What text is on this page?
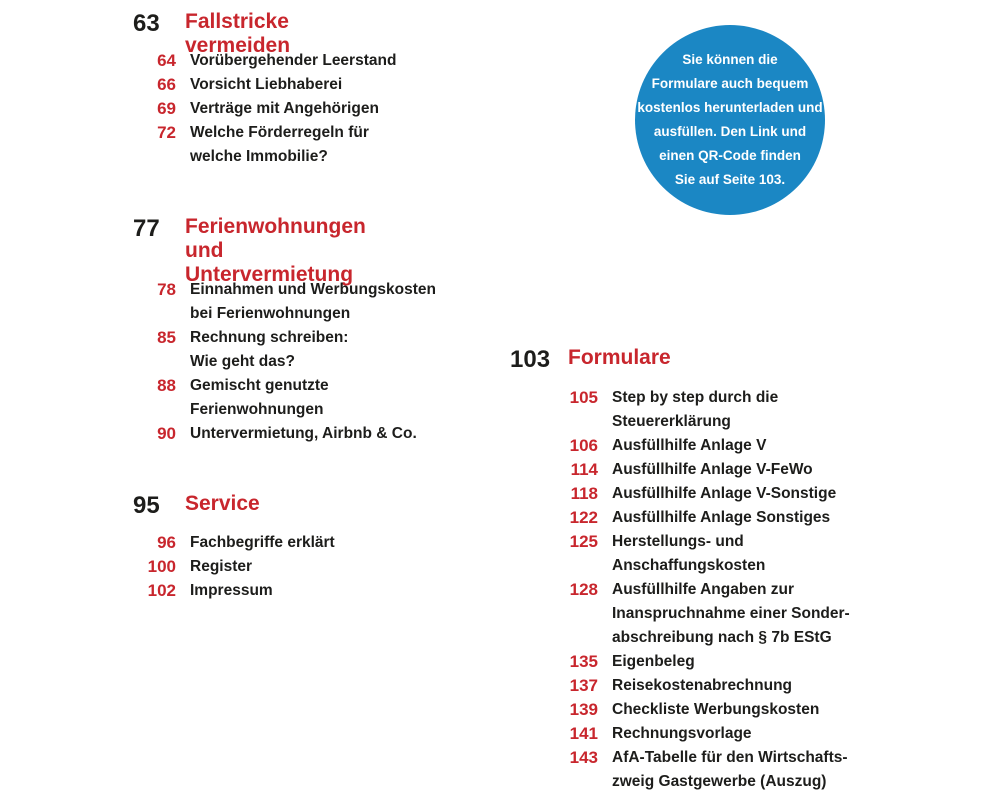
63 Fallstricke vermeiden
64 Vorübergehender Leerstand
66 Vorsicht Liebhaberei
69 Verträge mit Angehörigen
72 Welche Förderregeln für
welche Immobilie?
77 Ferienwohnungen
und Untervermietung
78 Einnahmen und Werbungskosten
bei Ferienwohnungen
85 Rechnung schreiben:
Wie geht das?
88 Gemischt genutzte
Ferienwohnungen
90 Untervermietung, Airbnb & Co.
95 Service
96 Fachbegriffe erklärt
100 Register
102 Impressum
103 Formulare
105 Step by step durch die
Steuererklärung
106 Ausfüllhilfe Anlage V
114 Ausfüllhilfe Anlage V-FeWo
118 Ausfüllhilfe Anlage V-Sonstige
122 Ausfüllhilfe Anlage Sonstiges
125 Herstellungs- und
Anschaffungskosten
128 Ausfüllhilfe Angaben zur
Inanspruchnahme einer Sonder-
abschreibung nach § 7b EStG
135 Eigenbeleg
137 Reisekostenabrechnung
139 Checkliste Werbungskosten
141 Rechnungsvorlage
143 AfA-Tabelle für den Wirtschafts-
zweig Gastgewerbe (Auszug)
Sie können die
Formulare auch bequem
kostenlos herunterladen und
ausfüllen. Den Link und
einen QR-Code finden
Sie auf Seite 103.
